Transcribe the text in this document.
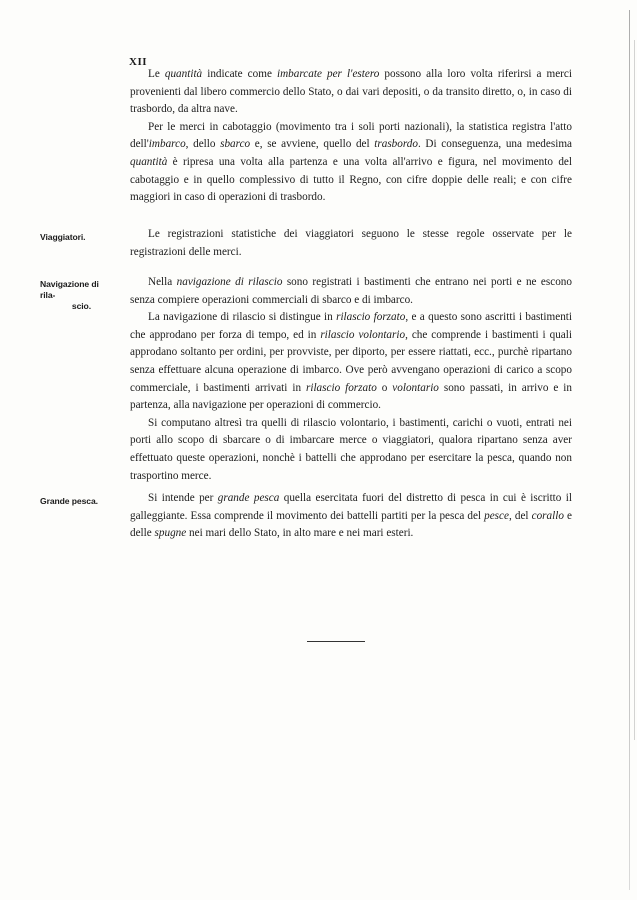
XII

Le quantità indicate come imbarcate per l'estero possono alla loro volta riferirsi a merci provenienti dal libero commercio dello Stato, o dai vari depositi, o da transito diretto, o, in caso di trasbordo, da altra nave.

Per le merci in cabotaggio (movimento tra i soli porti nazionali), la statistica registra l'atto dell'imbarco, dello sbarco e, se avviene, quello del trasbordo. Di conseguenza, una medesima quantità è ripresa una volta alla partenza e una volta all'arrivo e figura, nel movimento del cabotaggio e in quello complessivo di tutto il Regno, con cifre doppie delle reali; e con cifre maggiori in caso di operazioni di trasbordo.

Viaggiatori.	Le registrazioni statistiche dei viaggiatori seguono le stesse regole osservate per le registrazioni delle merci.

Navigazione di rila-
scio.

Nella navigazione di rilascio sono registrati i bastimenti che entrano nei porti e ne escono senza compiere operazioni commerciali di sbarco e di imbarco.

La navigazione di rilascio si distingue in rilascio forzato, e a questo sono ascritti i bastimenti che approdano per forza di tempo, ed in rilascio volontario, che comprende i bastimenti i quali approdano soltanto per ordini, per provviste, per diporto, per essere riattati, ecc., purchè ripartano senza effettuare alcuna operazione di imbarco. Ove però avvengano operazioni di carico a scopo commerciale, i bastimenti arrivati in rilascio forzato o volontario sono passati, in arrivo e in partenza, alla navigazione per operazioni di commercio.

Si computano altresì tra quelli di rilascio volontario, i bastimenti, carichi o vuoti, entrati nei porti allo scopo di sbarcare o di imbarcare merce o viaggiatori, qualora ripartano senza aver effettuato queste operazioni, nonchè i battelli che approdano per esercitare la pesca, quando non trasportino merce.

Grande pesca.	Si intende per grande pesca quella esercitata fuori del distretto di pesca in cui è iscritto il galleggiante. Essa comprende il movimento dei battelli partiti per la pesca del pesce, del corallo e delle spugne nei mari dello Stato, in alto mare e nei mari esteri.
